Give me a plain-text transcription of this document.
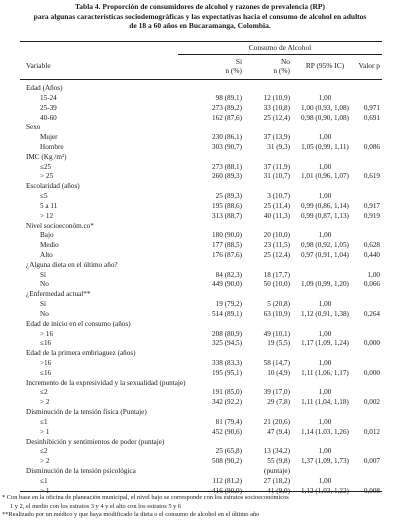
Tabla 4. Proporción de consumidores de alcohol y razones de prevalencia (RP)
para algunas características sociodemográficas y las expectativas hacia el consumo de alcohol en adultos
de 18 a 60 años en Bucaramanga, Colombia.
Consumo de Alcohol
Variable	Sí	No	RP (95% IC)	Valor p
n (%)	n (%)
Edad (Años)
15-24	98 (89,1)	12 (10,9)	1,00
25-39	273 (89,2)	33 (10,8)	1,00 (0,93, 1,08)	0,971
40-60	162 (87,6)	25 (12,4)	0,98 (0,90, 1,08)	0,691
Sexo
Mujer	230 (86,1)	37 (13,9)	1,00
Hombre	303 (90,7)	31 (9,3)	1,05 (0,99, 1,11)	0,086
IMC (Kg /m²)
≤25	273 (88,1)	37 (11,9)	1,00
> 25	260 (89,3)	31 (10,7)	1,01 (0,96, 1,07)	0,619
Escolaridad (años)
≤5	25 (89,3)	3 (10,7)	1,00
5 a 11	195 (88,6)	25 (11,4)	0,99 (0,86, 1,14)	0,917
> 12	313 (88,7)	40 (11,3)	0,99 (0,87, 1,13)	0,919
Nivel socioeconóm.co*
Bajo	180 (90,0)	20 (10,0)	1,00
Medio	177 (88,5)	23 (11,5)	0,98 (0,92, 1,05)	0,628
Alto	176 (87,6)	25 (12,4)	0,97 (0,91, 1,04)	0,440
¿Alguna dieta en el último año?
Sí	84 (82,3)	18 (17,7)	1,00
No	449 (90,0)	50 (10,0)	1,09 (0,99, 1,20)	0,066
¿Enfermedad actual**
Sí	19 (79,2)	5 (20,8)	1,00
No	514 (89,1)	63 (10,9)	1,12 (0,91, 1,38)	0,264
Edad de inicio en el consumo (años)
> 16	208 (80,9)	49 (10,1)	1,00
≤16	325 (94,5)	19 (5,5)	1,17 (1,09, 1,24)	0,000
Edad de la primera embriaguez (años)
>16	338 (83,3)	58 (14,7)	1,00
≤16	195 (95,1)	10 (4,9)	1,11 (1,06, 1,17)	0,000
Incremento de la expresividad y la sexualidad (puntaje)
≤2	191 (85,0)	39 (17,0)	1,00
> 2	342 (92,2)	29 (7,8)	1,11 (1,04, 1,18)	0,002
Disminución de la tensión física (Puntaje)
≤1	81 (79,4)	21 (20,6)	1,00
> 1	452 (90,6)	47 (9,4)	1,14 (1,03, 1,26)	0,012
Desinhibición y sentimientos de poder (puntaje)
≤2	25 (65,8)	13 (34,2)	1,00
> 2	508 (90,2)	55 (9,8)	1,37 (1,09, 1,73)	0,007
Disminución de la tensión psicológica	(puntaje)
≤1	112 (81,2)	27 (18,2)	1,00
> 1	416 (90,0)	41 (9,0)	1,12 (1,03, 1,22)	0,008
* Con base en la oficina de planeación municipal, el nivel bajo se corresponde con los estratos socioeconómicos
1 y 2, el medio con los estratos 3 y 4 y el alto con los estratos 5 y 6
**Realizado por un médico y que haya modificado la dieta o el consumo de alcohol en el último año
